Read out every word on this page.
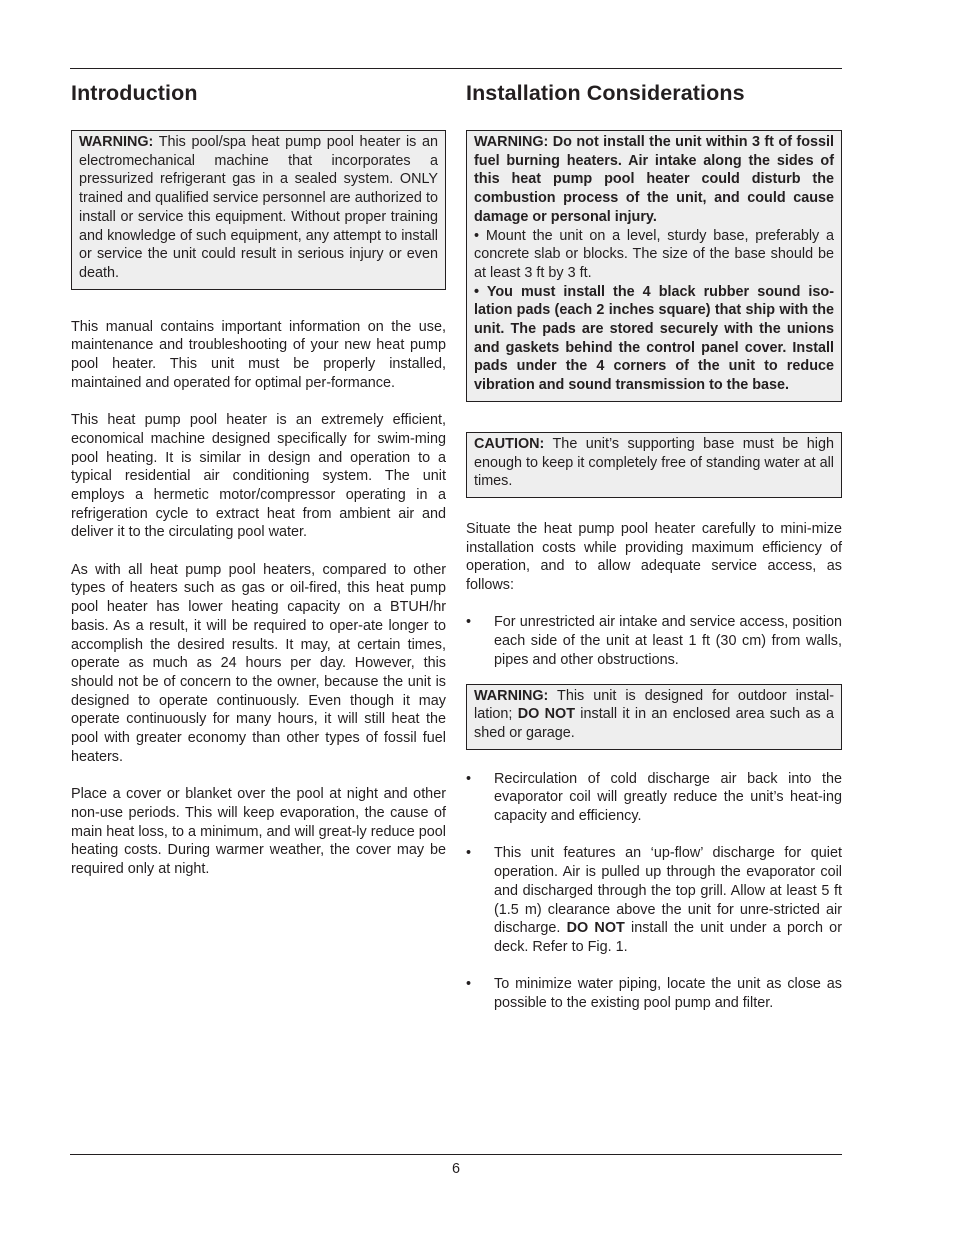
Introduction
WARNING: This pool/spa heat pump pool heater is an electromechanical machine that incorporates a pressurized refrigerant gas in a sealed system. ONLY trained and qualified service personnel are authorized to install or service this equipment. Without proper training and knowledge of such equipment, any attempt to install or service the unit could result in serious injury or even death.

This manual contains important information on the use, maintenance and troubleshooting of your new heat pump pool heater. This unit must be properly installed, maintained and operated for optimal per-formance.

This heat pump pool heater is an extremely efficient, economical machine designed specifically for swim-ming pool heating. It is similar in design and operation to a typical residential air conditioning system. The unit employs a hermetic motor/compressor operating in a refrigeration cycle to extract heat from ambient air and deliver it to the circulating pool water.

As with all heat pump pool heaters, compared to other types of heaters such as gas or oil-fired, this heat pump pool heater has lower heating capacity on a BTUH/hr basis. As a result, it will be required to oper-ate longer to accomplish the desired results. It may, at certain times, operate as much as 24 hours per day. However, this should not be of concern to the owner, because the unit is designed to operate continuously. Even though it may operate continuously for many hours, it will still heat the pool with greater economy than other types of fossil fuel heaters.

Place a cover or blanket over the pool at night and other non-use periods. This will keep evaporation, the cause of main heat loss, to a minimum, and will great-ly reduce pool heating costs. During warmer weather, the cover may be required only at night.

Installation Considerations
WARNING: Do not install the unit within 3 ft of fossil fuel burning heaters. Air intake along the sides of this heat pump pool heater could disturb the combustion process of the unit, and could cause damage or personal injury.
• Mount the unit on a level, sturdy base, preferably a concrete slab or blocks. The size of the base should be at least 3 ft by 3 ft.
• You must install the 4 black rubber sound iso-lation pads (each 2 inches square) that ship with the unit. The pads are stored securely with the unions and gaskets behind the control panel cover. Install pads under the 4 corners of the unit to reduce vibration and sound transmission to the base.
CAUTION: The unit’s supporting base must be high enough to keep it completely free of standing water at all times.

Situate the heat pump pool heater carefully to mini-mize installation costs while providing maximum efficiency of operation, and to allow adequate service access, as follows:

• For unrestricted air intake and service access, position each side of the unit at least 1 ft (30 cm) from walls, pipes and other obstructions.
WARNING: This unit is designed for outdoor instal-lation; DO NOT install it in an enclosed area such as a shed or garage.
• Recirculation of cold discharge air back into the evaporator coil will greatly reduce the unit’s heat-ing capacity and efficiency.
• This unit features an ‘up-flow’ discharge for quiet operation. Air is pulled up through the evaporator coil and discharged through the top grill. Allow at least 5 ft (1.5 m) clearance above the unit for unre-stricted air discharge. DO NOT install the unit under a porch or deck. Refer to Fig. 1.
• To minimize water piping, locate the unit as close as possible to the existing pool pump and filter.
6
